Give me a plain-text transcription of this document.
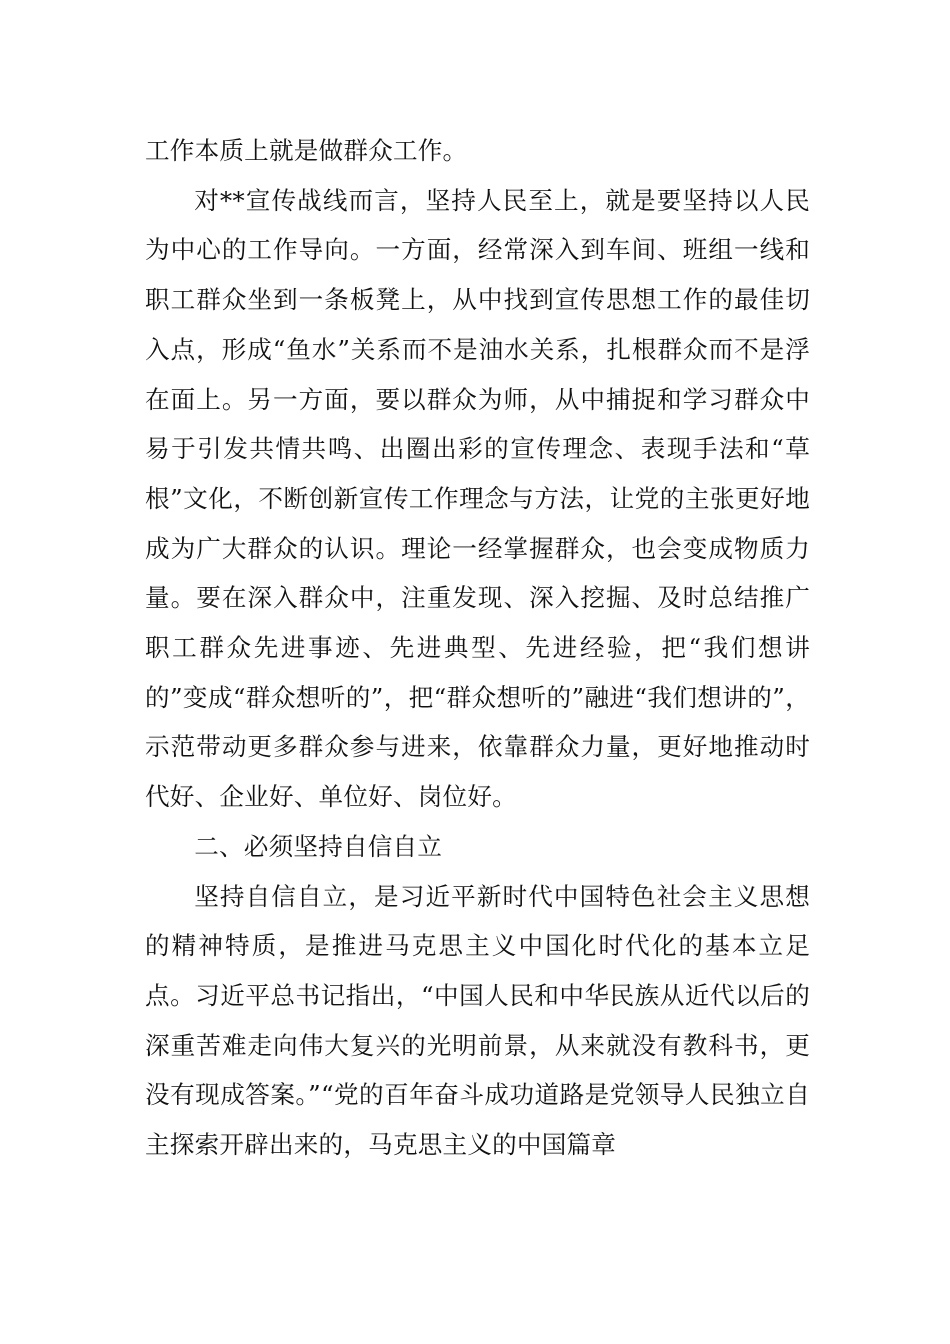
工作本质上就是做群众工作。

对**宣传战线而言，坚持人民至上，就是要坚持以人民为中心的工作导向。一方面，经常深入到车间、班组一线和职工群众坐到一条板凳上，从中找到宣传思想工作的最佳切入点，形成“鱼水”关系而不是油水关系，扎根群众而不是浮在面上。另一方面，要以群众为师，从中捕捉和学习群众中易于引发共情共鸣、出圈出彩的宣传理念、表现手法和“草根”文化，不断创新宣传工作理念与方法，让党的主张更好地成为广大群众的认识。理论一经掌握群众，也会变成物质力量。要在深入群众中，注重发现、深入挖掘、及时总结推广职工群众先进事迹、先进典型、先进经验，把“我们想讲的”变成“群众想听的”，把“群众想听的”融进“我们想讲的”，示范带动更多群众参与进来，依靠群众力量，更好地推动时代好、企业好、单位好、岗位好。

二、必须坚持自信自立

坚持自信自立，是习近平新时代中国特色社会主义思想的精神特质，是推进马克思主义中国化时代化的基本立足点。习近平总书记指出，“中国人民和中华民族从近代以后的深重苦难走向伟大复兴的光明前景，从来就没有教科书，更没有现成答案。”“党的百年奋斗成功道路是党领导人民独立自主探索开辟出来的，马克思主义的中国篇章
